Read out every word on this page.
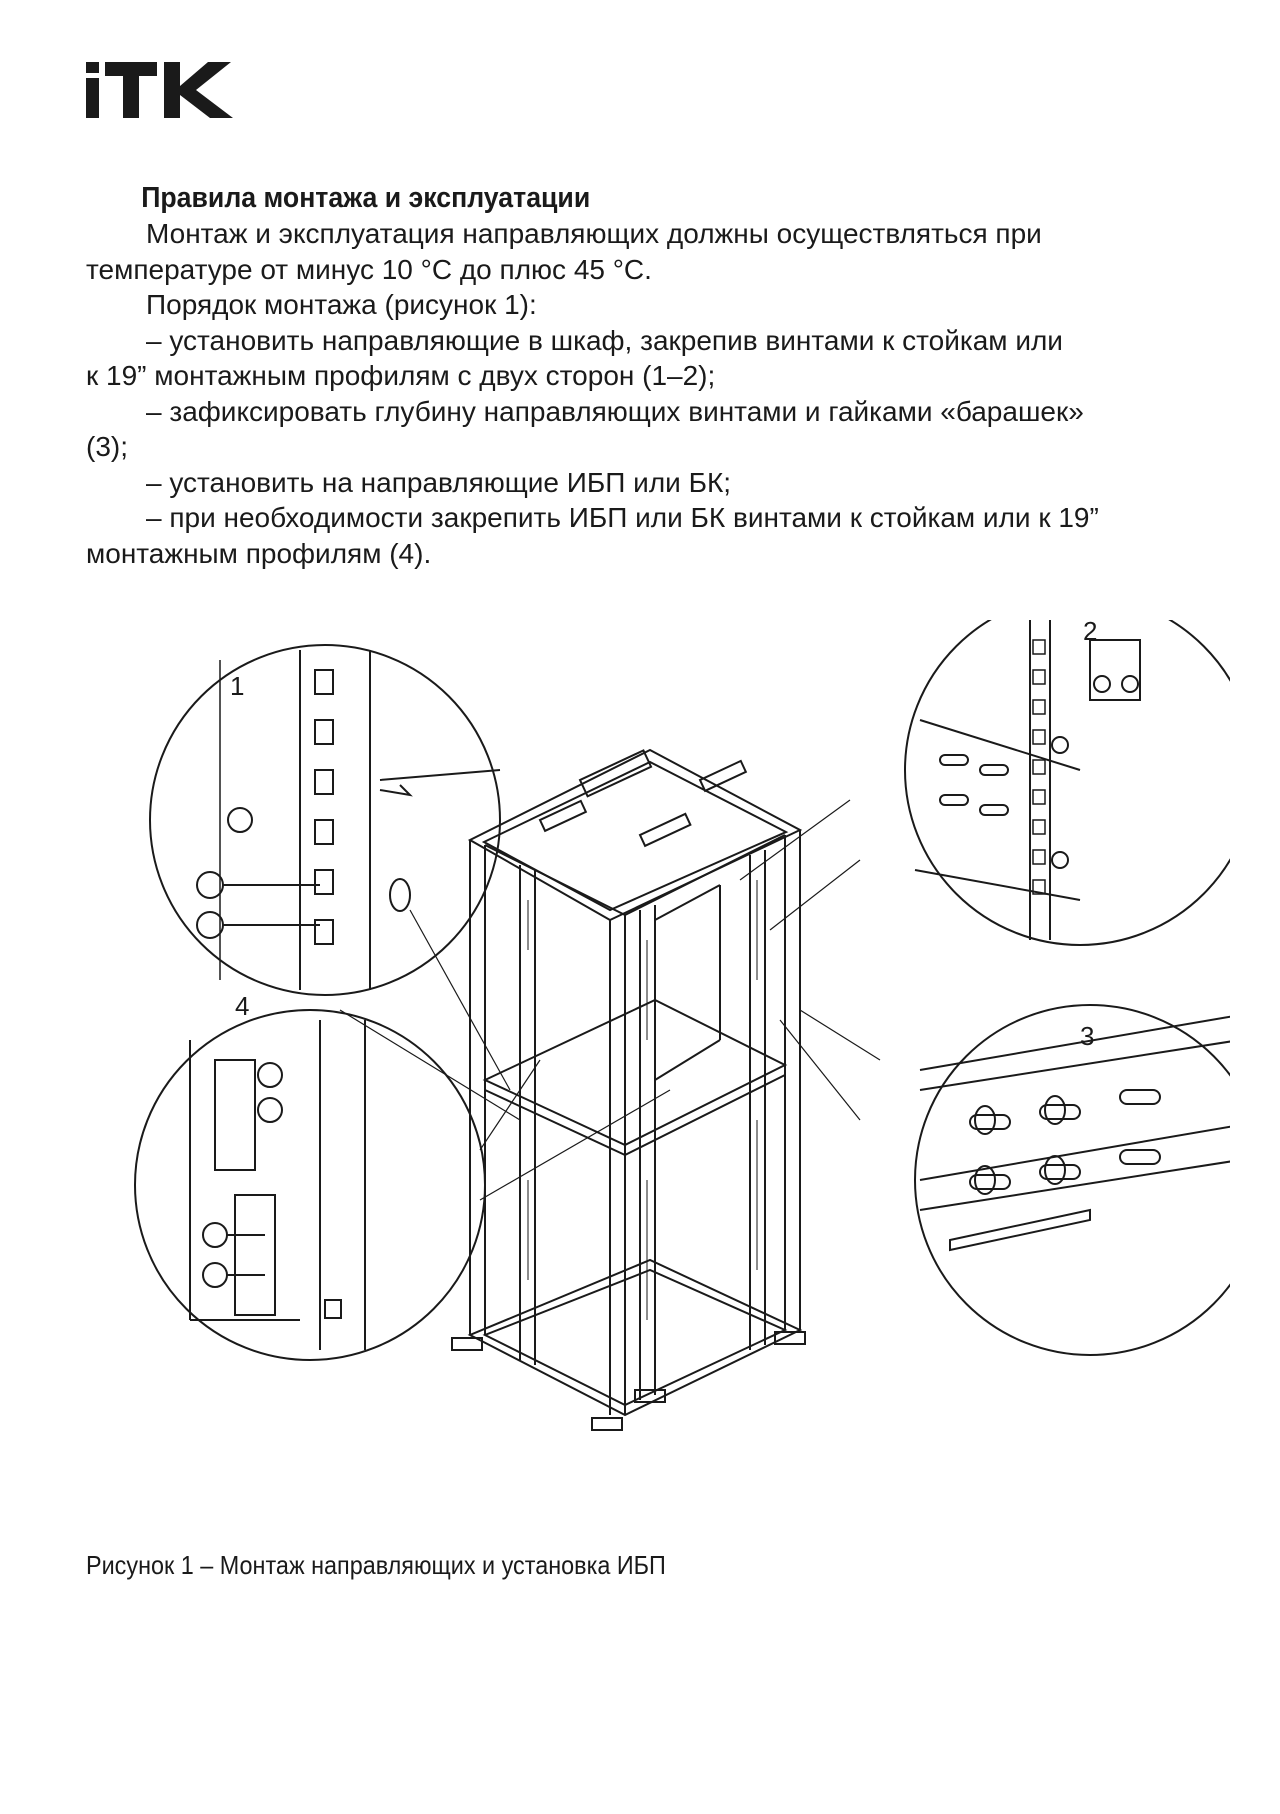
Правила монтажа и эксплуатации

Монтаж и эксплуатация направляющих должны осуществляться при

температуре от минус 10 °С до плюс 45 °С.

Порядок монтажа (рисунок 1):

– установить направляющие в шкаф, закрепив винтами к стойкам или

к 19” монтажным профилям с двух сторон (1–2);

– зафиксировать глубину направляющих винтами и гайками «барашек»

(3);

– установить на направляющие ИБП или БК;

– при необходимости закрепить ИБП или БК винтами к стойкам или к 19”

монтажным профилям (4).

1
2
3
4
Рисунок 1 – Монтаж направляющих и установка ИБП
